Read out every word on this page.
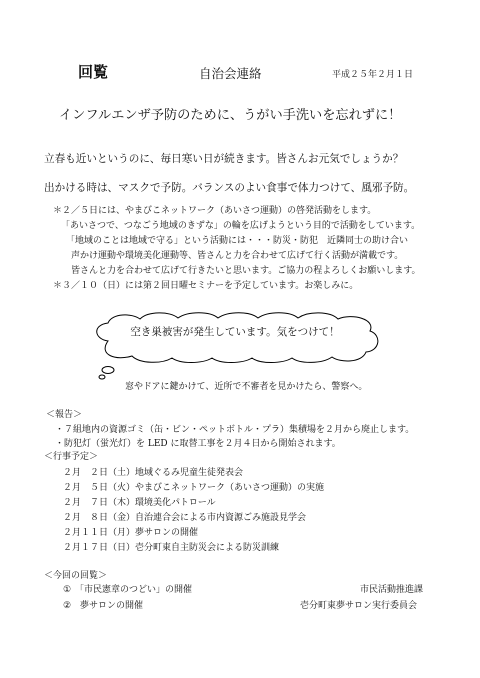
回覧	自治会連絡	平成２５年２月１日
インフルエンザ予防のために、うがい手洗いを忘れずに！
立春も近いというのに、毎日寒い日が続きます。皆さんお元気でしょうか？
出かける時は、マスクで予防。バランスのよい食事で体力つけて、風邪予防。
＊２／５日には、やまびこネットワーク（あいさつ運動）の啓発活動をします。
「あいさつで、つなごう地域のきずな」の輪を広げようという目的で活動をしています。
「地域のことは地域で守る」という活動には・・・防災・防犯　近隣同士の助け合い
声かけ運動や環境美化運動等、皆さんと力を合わせて広げて行く活動が満載です。
皆さんと力を合わせて広げて行きたいと思います。ご協力の程よろしくお願いします。
＊３／１０（日）には第２回日曜セミナーを予定しています。お楽しみに。
空き巣被害が発生しています。気をつけて！
窓やドアに鍵かけて、近所で不審者を見かけたら、警察へ。
＜報告＞
・７組地内の資源ゴミ（缶・ビン・ペットボトル・プラ）集積場を２月から廃止します。
・防犯灯（蛍光灯）を LED に取替工事を２月４日から開始されます。
＜行事予定＞
２月　２日（土）地域ぐるみ児童生徒発表会
２月　５日（火）やまびこネットワーク（あいさつ運動）の実施
２月　７日（木）環境美化パトロール
２月　８日（金）自治連合会による市内資源ごみ施設見学会
２月１１日（月）夢サロンの開催
２月１７日（日）壱分町東自主防災会による防災訓練
＜今回の回覧＞
① 「市民憲章のつどい」の開催	市民活動推進課
② 夢サロンの開催	壱分町東夢サロン実行委員会
